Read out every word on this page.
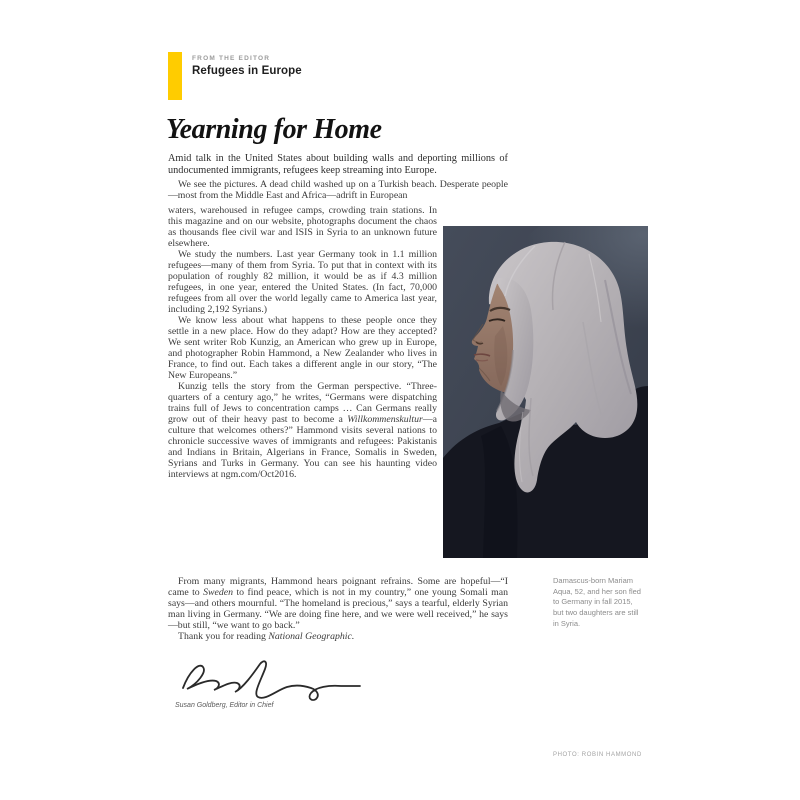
FROM THE EDITOR
Refugees in Europe
Yearning for Home
Amid talk in the United States about building walls and deporting millions of undocumented immigrants, refugees keep streaming into Europe.

We see the pictures. A dead child washed up on a Turkish beach. Desperate people—most from the Middle East and Africa—adrift in European

waters, warehoused in refugee camps, crowding train stations. In this magazine and on our website, photographs document the chaos as thousands flee civil war and ISIS in Syria to an unknown future elsewhere.

We study the numbers. Last year Germany took in 1.1 million refugees—many of them from Syria. To put that in context with its population of roughly 82 million, it would be as if 4.3 million refugees, in one year, entered the United States. (In fact, 70,000 refugees from all over the world legally came to America last year, including 2,192 Syrians.)

We know less about what happens to these people once they settle in a new place. How do they adapt? How are they accepted? We sent writer Rob Kunzig, an American who grew up in Europe, and photographer Robin Hammond, a New Zealander who lives in France, to find out. Each takes a different angle in our story, “The New Europeans.”

Kunzig tells the story from the German perspective. “Three-quarters of a century ago,” he writes, “Germans were dispatching trains full of Jews to concentration camps … Can Germans really grow out of their heavy past to become a Willkommenskultur—a culture that welcomes others?” Hammond visits several nations to chronicle successive waves of immigrants and refugees: Pakistanis and Indians in Britain, Algerians in France, Somalis in Sweden, Syrians and Turks in Germany. You can see his haunting video interviews at ngm.com/Oct2016.

From many migrants, Hammond hears poignant refrains. Some are hopeful—“I came to Sweden to find peace, which is not in my country,” one young Somali man says—and others mournful. “The homeland is precious,” says a tearful, elderly Syrian man living in Germany. “We are doing fine here, and we were well received,” he says—but still, “we want to go back.”

Thank you for reading National Geographic.

Damascus-born Mariam Aqua, 52, and her son fled to Germany in fall 2015, but two daughters are still in Syria.
Susan Goldberg, Editor in Chief
PHOTO: ROBIN HAMMOND
